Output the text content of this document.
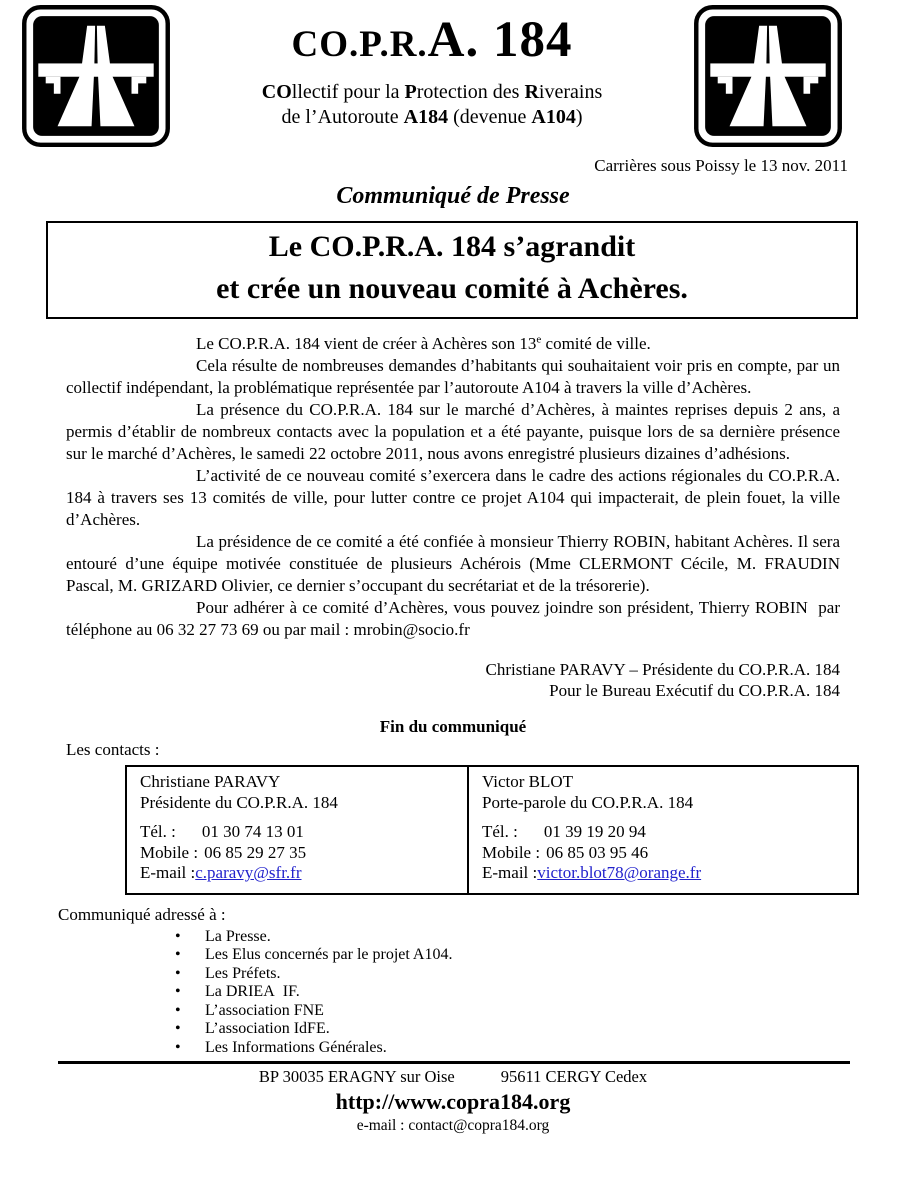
CO.P.R.A. 184
COllectif pour la Protection des Riverains
de l’Autoroute A184 (devenue A104)
Carrières sous Poissy le 13 nov. 2011
Communiqué de Presse
Le CO.P.R.A. 184 s’agrandit
et crée un nouveau comité à Achères.

Le CO.P.R.A. 184 vient de créer à Achères son 13e comité de ville.

Cela résulte de nombreuses demandes d’habitants qui souhaitaient voir pris en compte, par un collectif indépendant, la problématique représentée par l’autoroute A104 à travers la ville d’Achères.

La présence du CO.P.R.A. 184 sur le marché d’Achères, à maintes reprises depuis 2 ans, a permis d’établir de nombreux contacts avec la population et a été payante, puisque lors de sa dernière présence sur le marché d’Achères, le samedi 22 octobre 2011, nous avons enregistré plusieurs dizaines d’adhésions.

L’activité de ce nouveau comité s’exercera dans le cadre des actions régionales du CO.P.R.A. 184 à travers ses 13 comités de ville, pour lutter contre ce projet A104 qui impacterait, de plein fouet, la ville d’Achères.

La présidence de ce comité a été confiée à monsieur Thierry ROBIN, habitant Achères. Il sera entouré d’une équipe motivée constituée de plusieurs Achérois (Mme CLERMONT Cécile, M. FRAUDIN Pascal, M. GRIZARD Olivier, ce dernier s’occupant du secrétariat et de la trésorerie).

Pour adhérer à ce comité d’Achères, vous pouvez joindre son président, Thierry ROBIN  par téléphone au 06 32 27 73 69 ou par mail : mrobin@socio.fr

Christiane PARAVY – Présidente du CO.P.R.A. 184
Pour le Bureau Exécutif du CO.P.R.A. 184
Fin du communiqué
Les contacts :
Christiane PARAVY
Présidente du CO.P.R.A. 184
Tél. : 01 30 74 13 01
Mobile : 06 85 29 27 35
E-mail :c.paravy@sfr.fr

Victor BLOT
Porte-parole du CO.P.R.A. 184
Tél. : 01 39 19 20 94
Mobile : 06 85 03 95 46
E-mail :victor.blot78@orange.fr
Communiqué adressé à :
• La Presse.
• Les Elus concernés par le projet A104.
• Les Préfets.
• La DRIEA  IF.
• L’association FNE
• L’association IdFE.
• Les Informations Générales.
BP 30035 ERAGNY sur Oise	95611 CERGY Cedex
http://www.copra184.org
e-mail : contact@copra184.org
